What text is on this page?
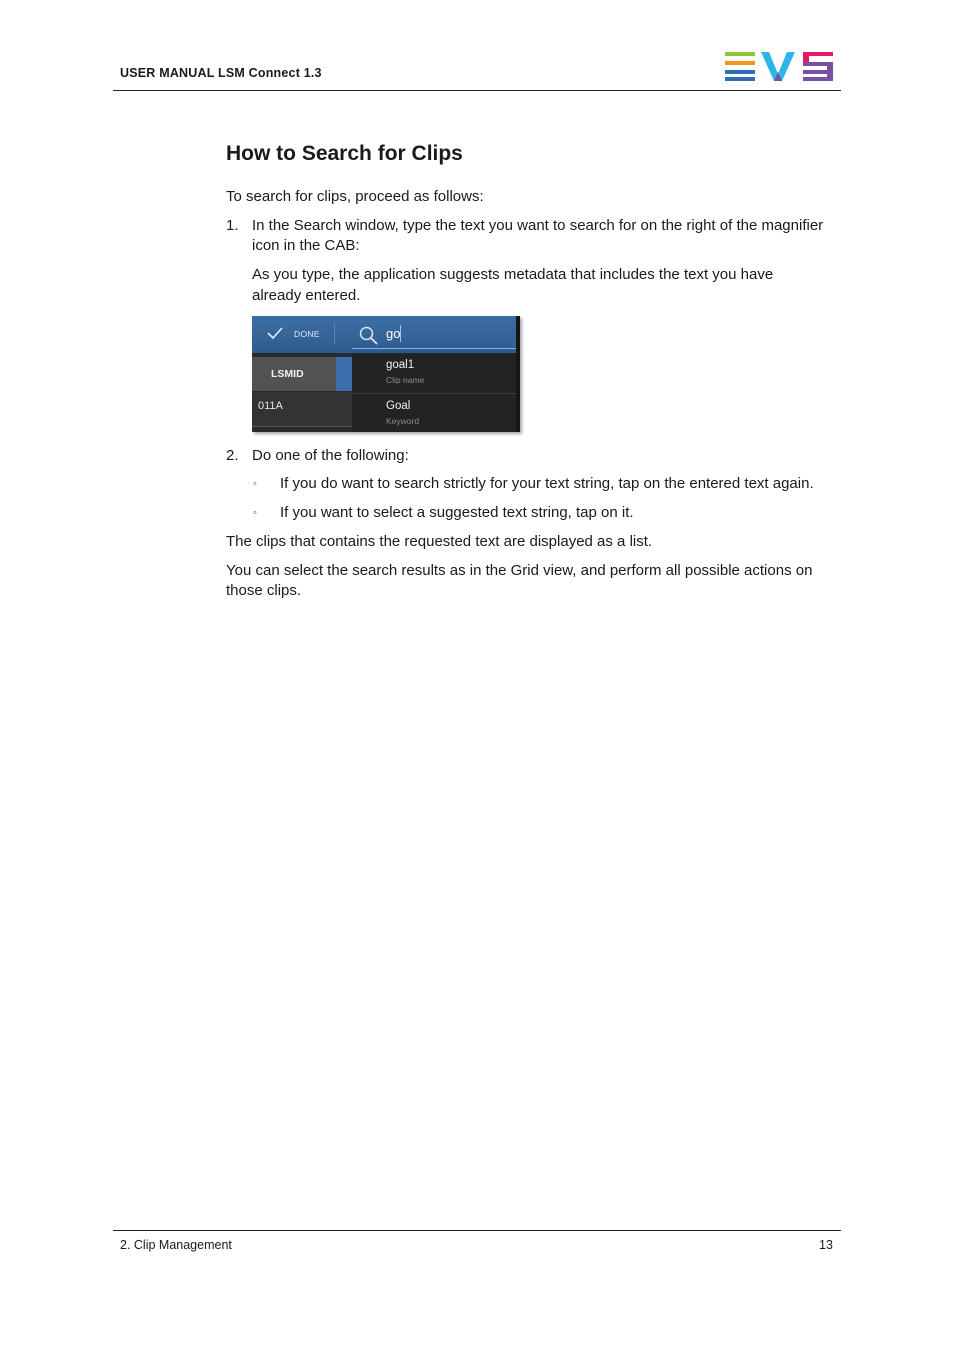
USER MANUAL LSM Connect 1.3
How to Search for Clips
To search for clips, proceed as follows:
1. In the Search window, type the text you want to search for on the right of the magnifier
icon in the CAB:
As you type, the application suggests metadata that includes the text you have
already entered.
DONE	go
LSMID
011A
goal1
Clip name
Goal
Keyword
2. Do one of the following:
◦ If you do want to search strictly for your text string, tap on the entered text again.
◦ If you want to select a suggested text string, tap on it.
The clips that contains the requested text are displayed as a list.
You can select the search results as in the Grid view, and perform all possible actions on
those clips.
2. Clip Management	13
